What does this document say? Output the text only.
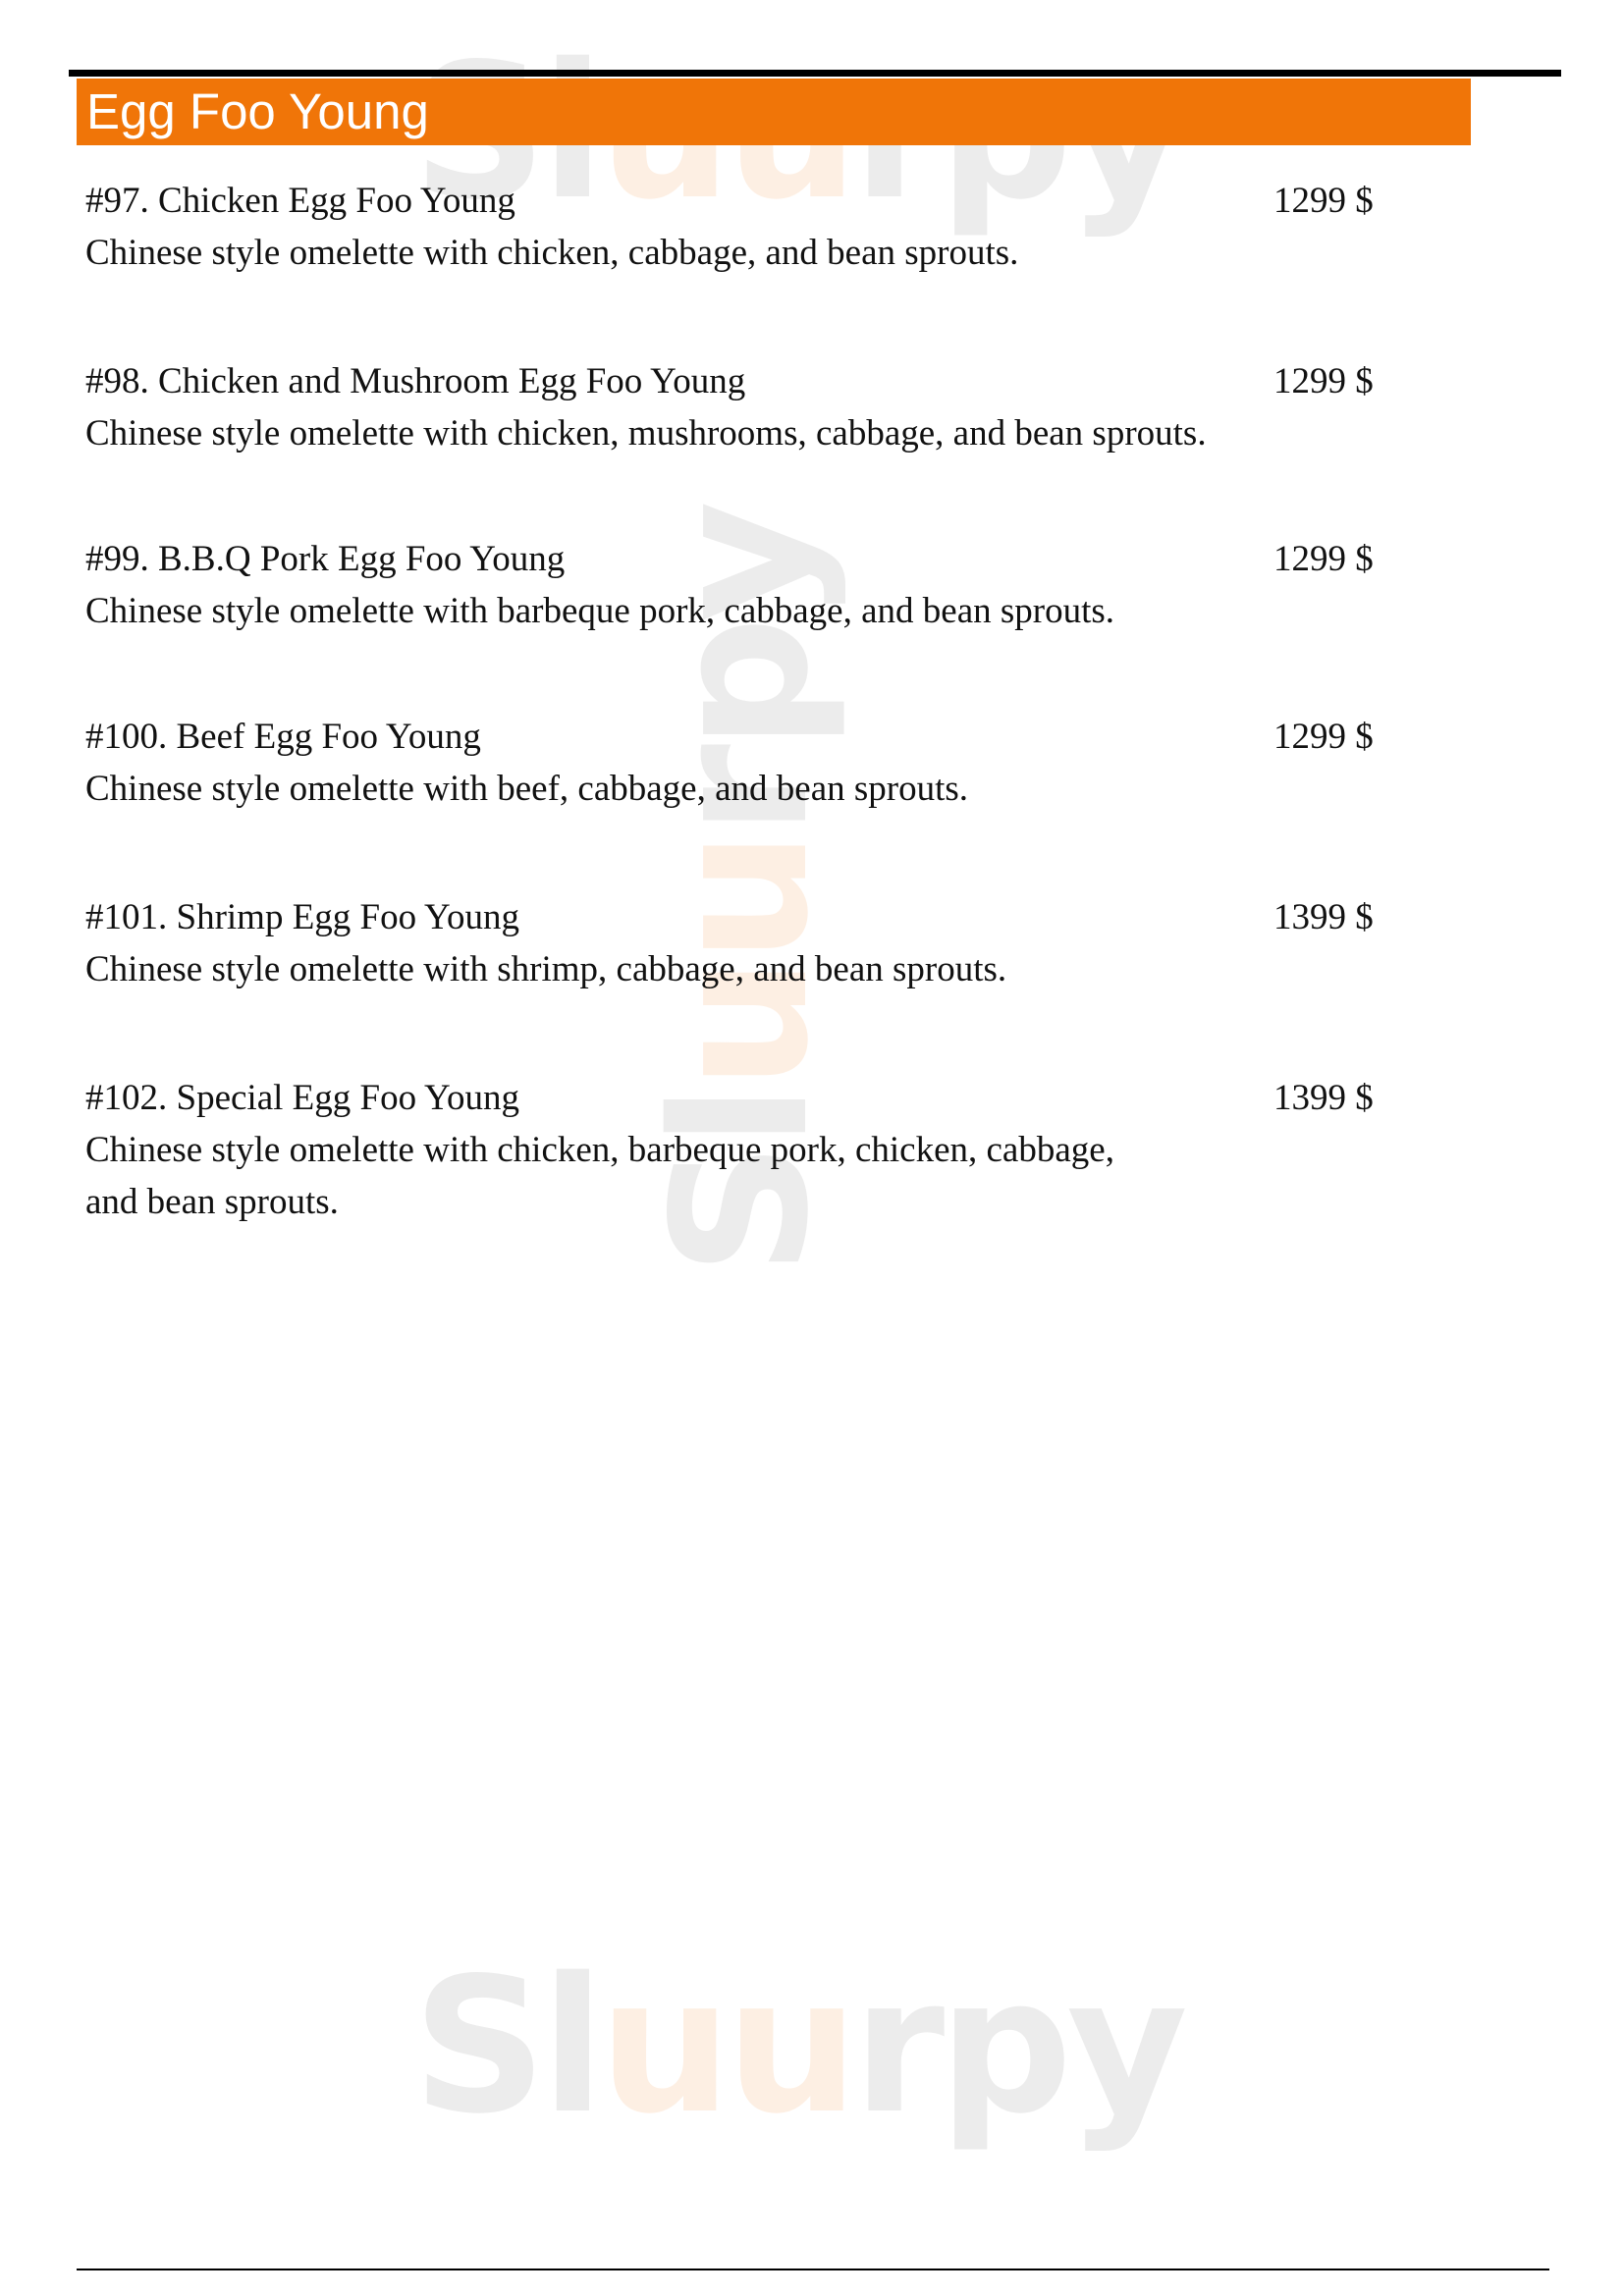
Sluurpy
Sluurpy
Egg Foo Young

#97. Chicken Egg Foo Young

Chinese style omelette with chicken, cabbage, and bean sprouts.

1299 $

#98. Chicken and Mushroom Egg Foo Young

Chinese style omelette with chicken, mushrooms, cabbage, and bean sprouts.

1299 $

#99. B.B.Q Pork Egg Foo Young

Chinese style omelette with barbeque pork, cabbage, and bean sprouts.

1299 $

#100. Beef Egg Foo Young

Chinese style omelette with beef, cabbage, and bean sprouts.

1299 $

#101. Shrimp Egg Foo Young

Chinese style omelette with shrimp, cabbage, and bean sprouts.

1399 $

#102. Special Egg Foo Young

Chinese style omelette with chicken, barbeque pork, chicken, cabbage, and bean sprouts.

1399 $
